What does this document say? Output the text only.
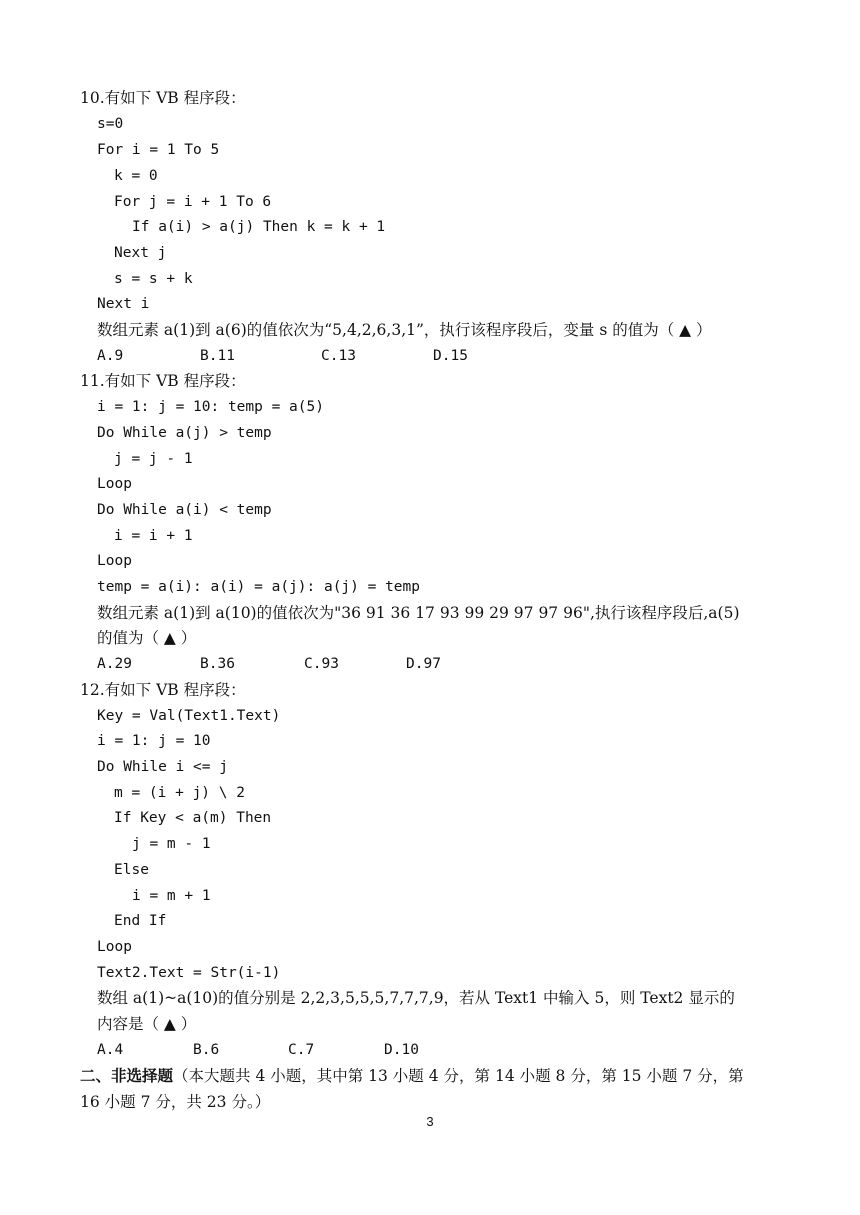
10.有如下 VB 程序段：
s=0
For i = 1 To 5
k = 0
For j = i + 1 To 6
If a(i) > a(j) Then k = k + 1
Next j
s = s + k
Next i
数组元素 a(1)到 a(6)的值依次为“5,4,2,6,3,1”，执行该程序段后，变量 s 的值为（ ▲ ）
A.9	B.11	C.13	D.15
11.有如下 VB 程序段：
i = 1: j = 10: temp = a(5)
Do While a(j) > temp
j = j - 1
Loop
Do While a(i) < temp
i = i + 1
Loop
temp = a(i): a(i) = a(j): a(j) = temp
数组元素 a(1)到 a(10)的值依次为"36 91 36 17 93 99 29 97 97 96",执行该程序段后,a(5)
的值为（ ▲ ）
A.29	B.36	C.93	D.97
12.有如下 VB 程序段：
Key = Val(Text1.Text)
i = 1: j = 10
Do While i <= j
m = (i + j) \ 2
If Key < a(m) Then
j = m - 1
Else
i = m + 1
End If
Loop
Text2.Text = Str(i-1)
数组 a(1)~a(10)的值分别是 2,2,3,5,5,5,7,7,7,9，若从 Text1 中输入 5，则 Text2 显示的
内容是（ ▲ ）
A.4	B.6	C.7	D.10
二、非选择题（本大题共 4 小题，其中第 13 小题 4 分，第 14 小题 8 分，第 15 小题 7 分，第
16 小题 7 分，共 23 分。）
3
